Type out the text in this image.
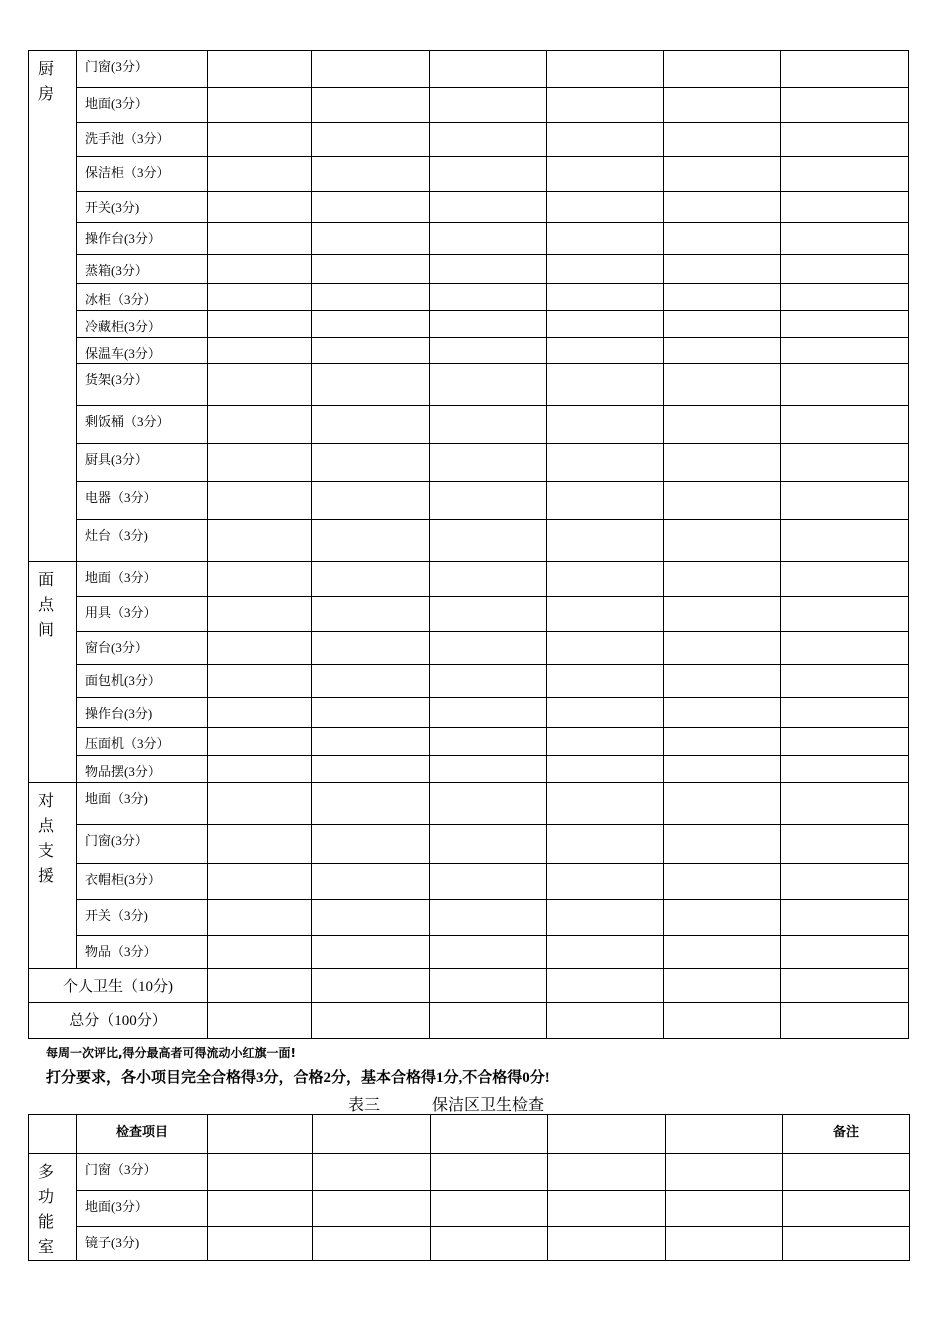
厨
房	门窗(3分）						
	地面(3分）						
	洗手池（3分）						
	保洁柜（3分）						
	开关(3分)						
	操作台(3分）						
	蒸箱(3分）						
	冰柜（3分）						
	冷藏柜(3分）						
	保温车(3分）						
	货架(3分）						
	剩饭桶（3分）						
	厨具(3分）						
	电器（3分）						
	灶台（3分)						

面
点
间	地面（3分）						
	用具（3分）						
	窗台(3分）						
	面包机(3分）						
	操作台(3分)						
	压面机（3分）						
	物品摆(3分）						

对
点
支
援	地面（3分)						
	门窗(3分）						
	衣帽柜(3分）						
	开关（3分)						
	物品（3分）						

个人卫生（10分)							

总分（100分）							

每周一次评比,得分最高者可得流动小红旗一面!
打分要求，各小项目完全合格得3分，合格2分，基本合格得1分,不合格得0分!
表三	保洁区卫生检查
	检查项目						备注

多
功
能
室	门窗（3分）						
	地面(3分）						
	镜子(3分)						
